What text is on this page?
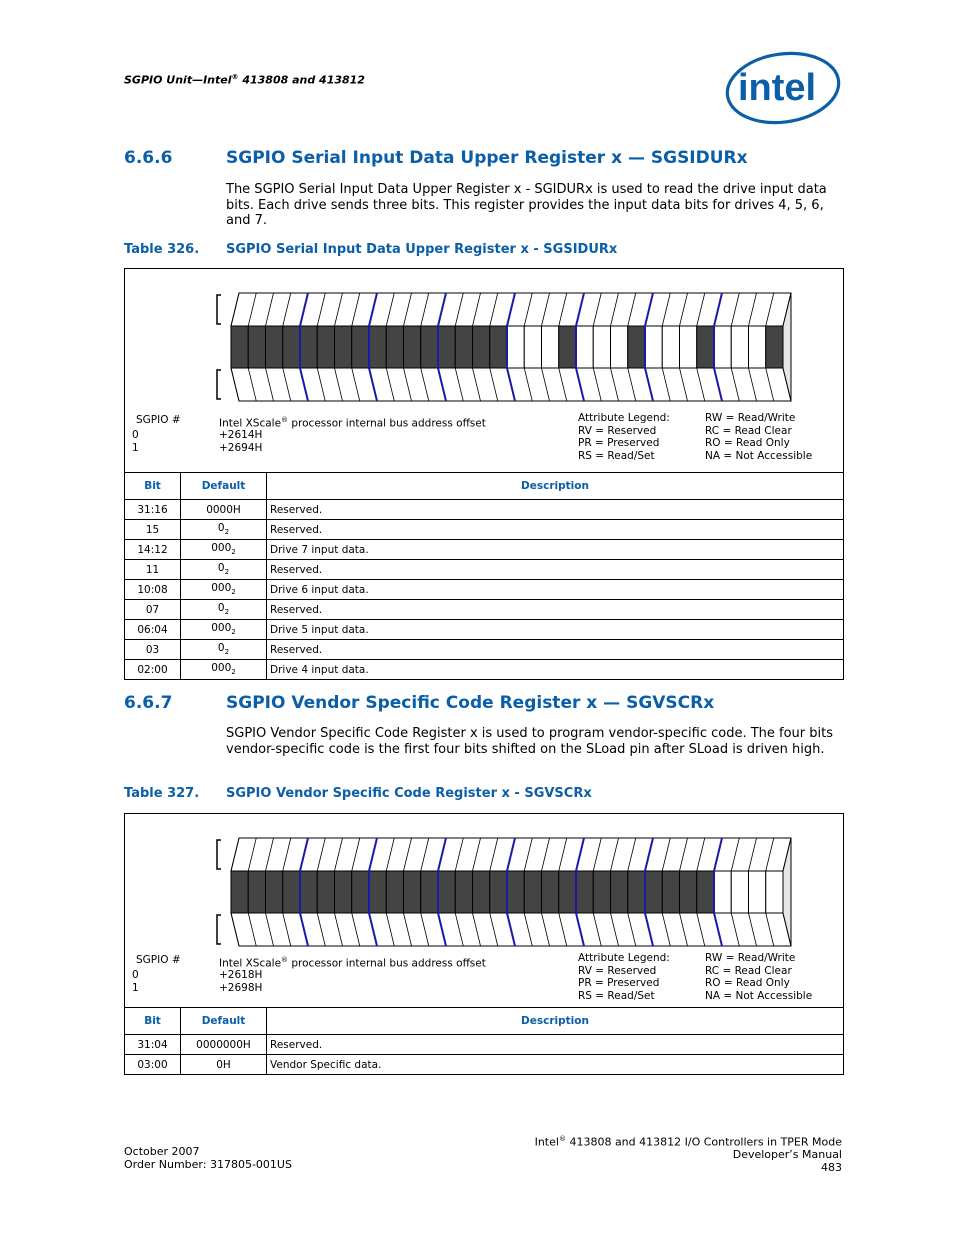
SGPIO Unit—Intel® 413808 and 413812	intel
6.6.6	SGPIO Serial Input Data Upper Register x — SGSIDURx
The SGPIO Serial Input Data Upper Register x - SGIDURx is used to read the drive input data bits. Each drive sends three bits. This register provides the input data bits for drives 4, 5, 6, and 7.
Table 326. SGPIO Serial Input Data Upper Register x - SGSIDURx
SGPIO #	Intel XScale® processor internal bus address offset
0
1
+2614H
+2694H
Attribute Legend:
RV = Reserved
PR = Preserved
RS = Read/Set
RW = Read/Write
RC = Read Clear
RO = Read Only
NA = Not Accessible
Bit	Default	Description
31:16	0000H	Reserved.
15	$0_2$	Reserved.
14:12	$000_2$	Drive 7 input data.
11	$0_2$	Reserved.
10:08	$000_2$	Drive 6 input data.
07	$0_2$	Reserved.
06:04	$000_2$	Drive 5 input data.
03	$0_2$	Reserved.
02:00	$000_2$	Drive 4 input data.
6.6.7	SGPIO Vendor Specific Code Register x — SGVSCRx
SGPIO Vendor Specific Code Register x is used to program vendor-specific code. The four bits vendor-specific code is the first four bits shifted on the SLoad pin after SLoad is driven high.
Table 327. SGPIO Vendor Specific Code Register x - SGVSCRx
SGPIO #	Intel XScale® processor internal bus address offset
0
1
+2618H
+2698H
Attribute Legend:
RV = Reserved
PR = Preserved
RS = Read/Set
RW = Read/Write
RC = Read Clear
RO = Read Only
NA = Not Accessible
Bit	Default	Description
31:04	0000000H	Reserved.
03:00	0H	Vendor Specific data.
October 2007
Order Number: 317805-001US
Intel® 413808 and 413812 I/O Controllers in TPER Mode
Developer’s Manual
483
